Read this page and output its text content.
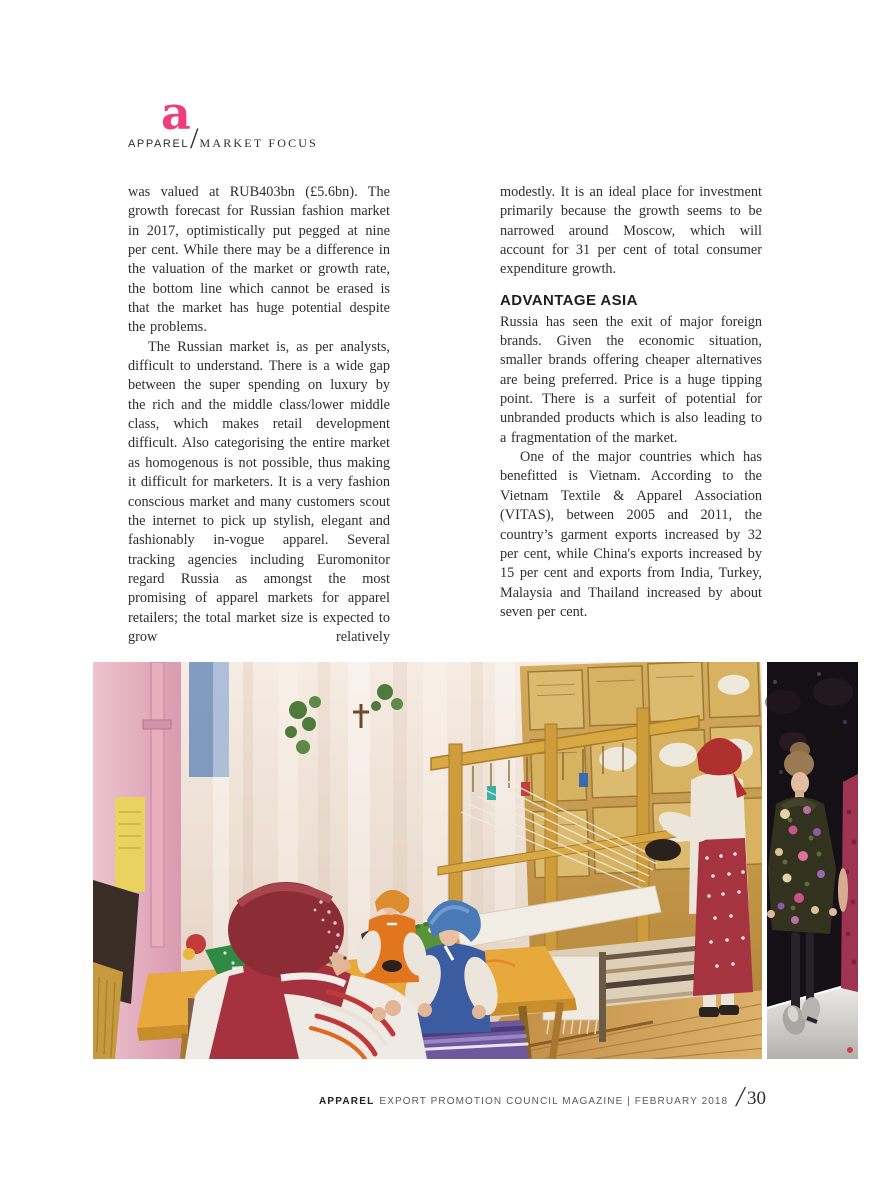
a
APPAREL / MARKET FOCUS

was valued at RUB403bn (£5.6bn). The growth forecast for Russian fashion market in 2017, optimistically put pegged at nine per cent. While there may be a difference in the valuation of the market or growth rate, the bottom line which cannot be erased is that the market has huge potential despite the problems.

The Russian market is, as per analysts, difficult to understand. There is a wide gap between the super spending on luxury by the rich and the middle class/lower middle class, which makes retail development difficult. Also categorising the entire market as homogenous is not possible, thus making it difficult for marketers. It is a very fashion conscious market and many customers scout the internet to pick up stylish, elegant and fashionably in-vogue apparel. Several tracking agencies including Euromonitor regard Russia as amongst the most promising of apparel markets for apparel retailers; the total market size is expected to grow relatively

modestly. It is an ideal place for investment primarily because the growth seems to be narrowed around Moscow, which will account for 31 per cent of total consumer expenditure growth.

ADVANTAGE ASIA

Russia has seen the exit of major foreign brands. Given the economic situation, smaller brands offering cheaper alternatives are being preferred. Price is a huge tipping point. There is a surfeit of potential for unbranded products which is also leading to a fragmentation of the market.

One of the major countries which has benefitted is Vietnam. According to the Vietnam Textile & Apparel Association (VITAS), between 2005 and 2011, the country’s garment exports increased by 32 per cent, while China's exports increased by 15 per cent and exports from India, Turkey, Malaysia and Thailand increased by about seven per cent.

APPAREL EXPORT PROMOTION COUNCIL MAGAZINE | FEBRUARY 2018 / 30
